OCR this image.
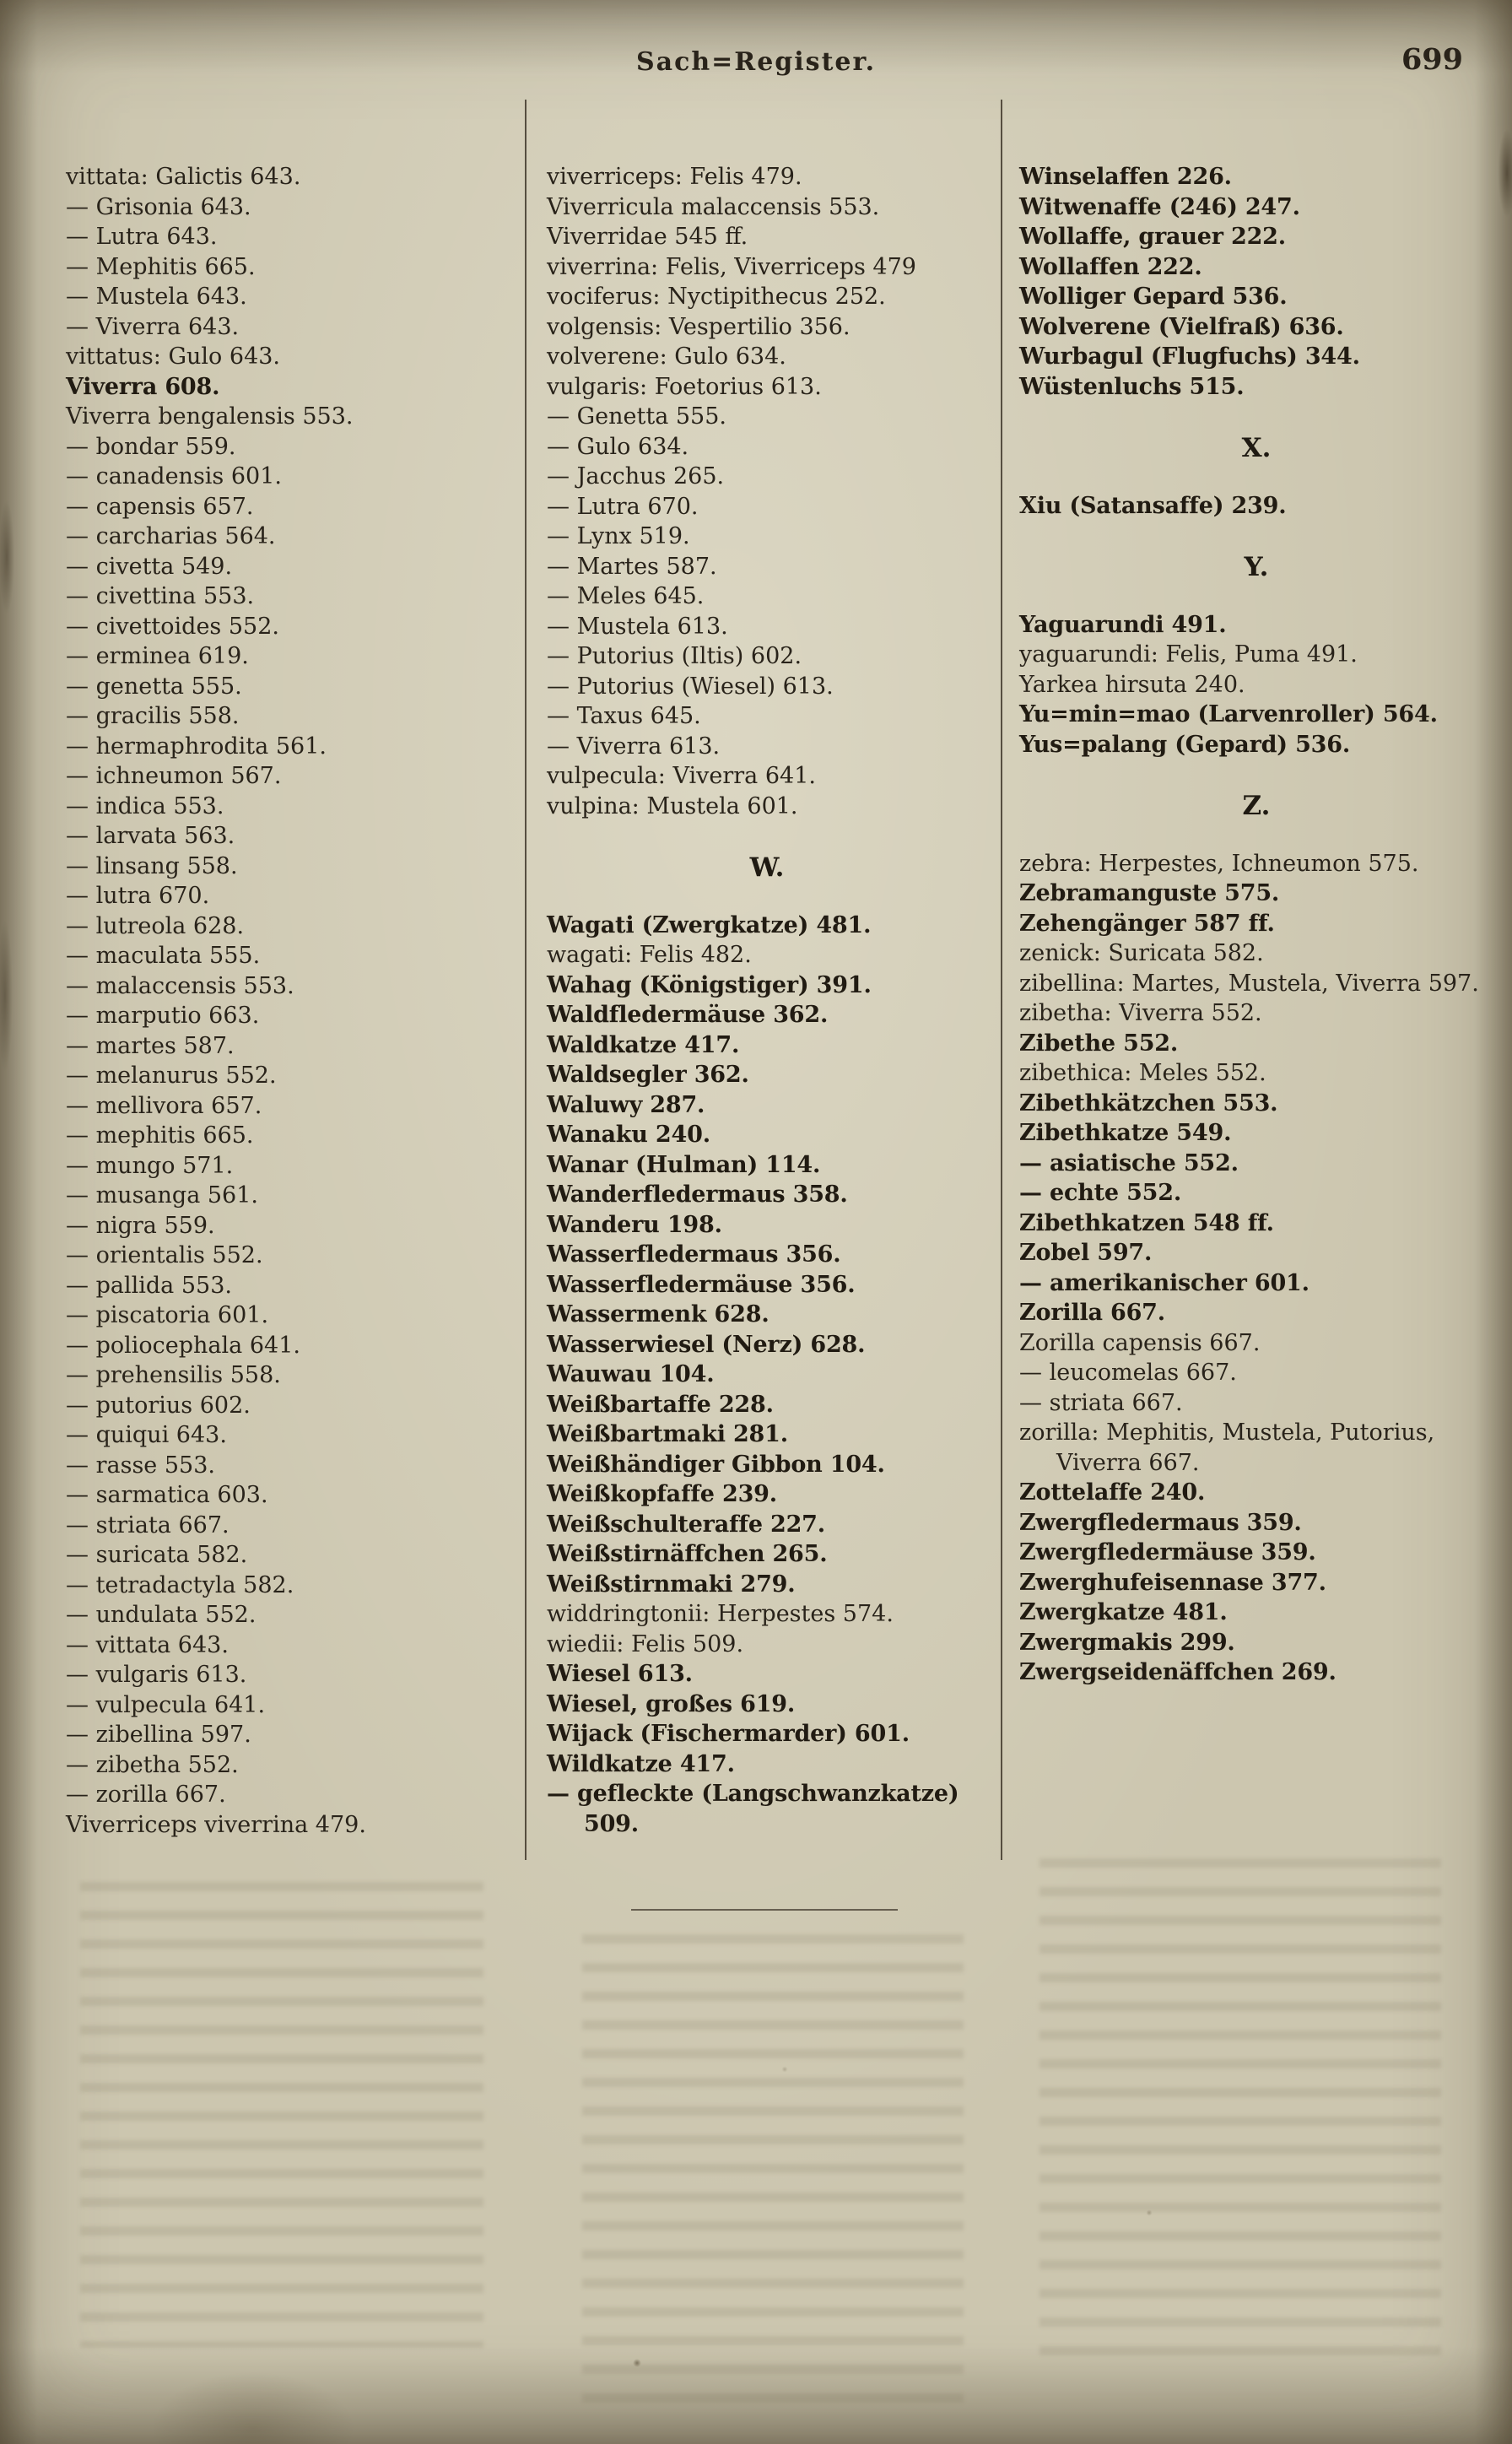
Sach=Register.	699
vittata: Galictis 643.
— Grisonia 643.
— Lutra 643.
— Mephitis 665.
— Mustela 643.
— Viverra 643.
vittatus: Gulo 643.
Viverra 608.
Viverra bengalensis 553.
— bondar 559.
— canadensis 601.
— capensis 657.
— carcharias 564.
— civetta 549.
— civettina 553.
— civettoides 552.
— erminea 619.
— genetta 555.
— gracilis 558.
— hermaphrodita 561.
— ichneumon 567.
— indica 553.
— larvata 563.
— linsang 558.
— lutra 670.
— lutreola 628.
— maculata 555.
— malaccensis 553.
— marputio 663.
— martes 587.
— melanurus 552.
— mellivora 657.
— mephitis 665.
— mungo 571.
— musanga 561.
— nigra 559.
— orientalis 552.
— pallida 553.
— piscatoria 601.
— poliocephala 641.
— prehensilis 558.
— putorius 602.
— quiqui 643.
— rasse 553.
— sarmatica 603.
— striata 667.
— suricata 582.
— tetradactyla 582.
— undulata 552.
— vittata 643.
— vulgaris 613.
— vulpecula 641.
— zibellina 597.
— zibetha 552.
— zorilla 667.
Viverriceps viverrina 479.
viverriceps: Felis 479.
Viverricula malaccensis 553.
Viverridae 545 ff.
viverrina: Felis, Viverriceps 479
vociferus: Nyctipithecus 252.
volgensis: Vespertilio 356.
volverene: Gulo 634.
vulgaris: Foetorius 613.
— Genetta 555.
— Gulo 634.
— Jacchus 265.
— Lutra 670.
— Lynx 519.
— Martes 587.
— Meles 645.
— Mustela 613.
— Putorius (Iltis) 602.
— Putorius (Wiesel) 613.
— Taxus 645.
— Viverra 613.
vulpecula: Viverra 641.
vulpina: Mustela 601.
W.
Wagati (Zwergkatze) 481.
wagati: Felis 482.
Wahag (Königstiger) 391.
Waldfledermäuse 362.
Waldkatze 417.
Waldsegler 362.
Waluwy 287.
Wanaku 240.
Wanar (Hulman) 114.
Wanderfledermaus 358.
Wanderu 198.
Wasserfledermaus 356.
Wasserfledermäuse 356.
Wassermenk 628.
Wasserwiesel (Nerz) 628.
Wauwau 104.
Weißbartaffe 228.
Weißbartmaki 281.
Weißhändiger Gibbon 104.
Weißkopfaffe 239.
Weißschulteraffe 227.
Weißstirnäffchen 265.
Weißstirnmaki 279.
widdringtonii: Herpestes 574.
wiedii: Felis 509.
Wiesel 613.
Wiesel, großes 619.
Wijack (Fischermarder) 601.
Wildkatze 417.
— gefleckte (Langschwanzkatze) 509.
Winselaffen 226.
Witwenaffe (246) 247.
Wollaffe, grauer 222.
Wollaffen 222.
Wolliger Gepard 536.
Wolverene (Vielfraß) 636.
Wurbagul (Flugfuchs) 344.
Wüstenluchs 515.
X.
Xiu (Satansaffe) 239.
Y.
Yaguarundi 491.
yaguarundi: Felis, Puma 491.
Yarkea hirsuta 240.
Yu=min=mao (Larvenroller) 564.
Yus=palang (Gepard) 536.
Z.
zebra: Herpestes, Ichneumon 575.
Zebramanguste 575.
Zehengänger 587 ff.
zenick: Suricata 582.
zibellina: Martes, Mustela, Viverra 597.
zibetha: Viverra 552.
Zibethe 552.
zibethica: Meles 552.
Zibethkätzchen 553.
Zibethkatze 549.
— asiatische 552.
— echte 552.
Zibethkatzen 548 ff.
Zobel 597.
— amerikanischer 601.
Zorilla 667.
Zorilla capensis 667.
— leucomelas 667.
— striata 667.
zorilla: Mephitis, Mustela, Putorius, Viverra 667.
Zottelaffe 240.
Zwergfledermaus 359.
Zwergfledermäuse 359.
Zwerghufeisennase 377.
Zwergkatze 481.
Zwergmakis 299.
Zwergseidenäffchen 269.
